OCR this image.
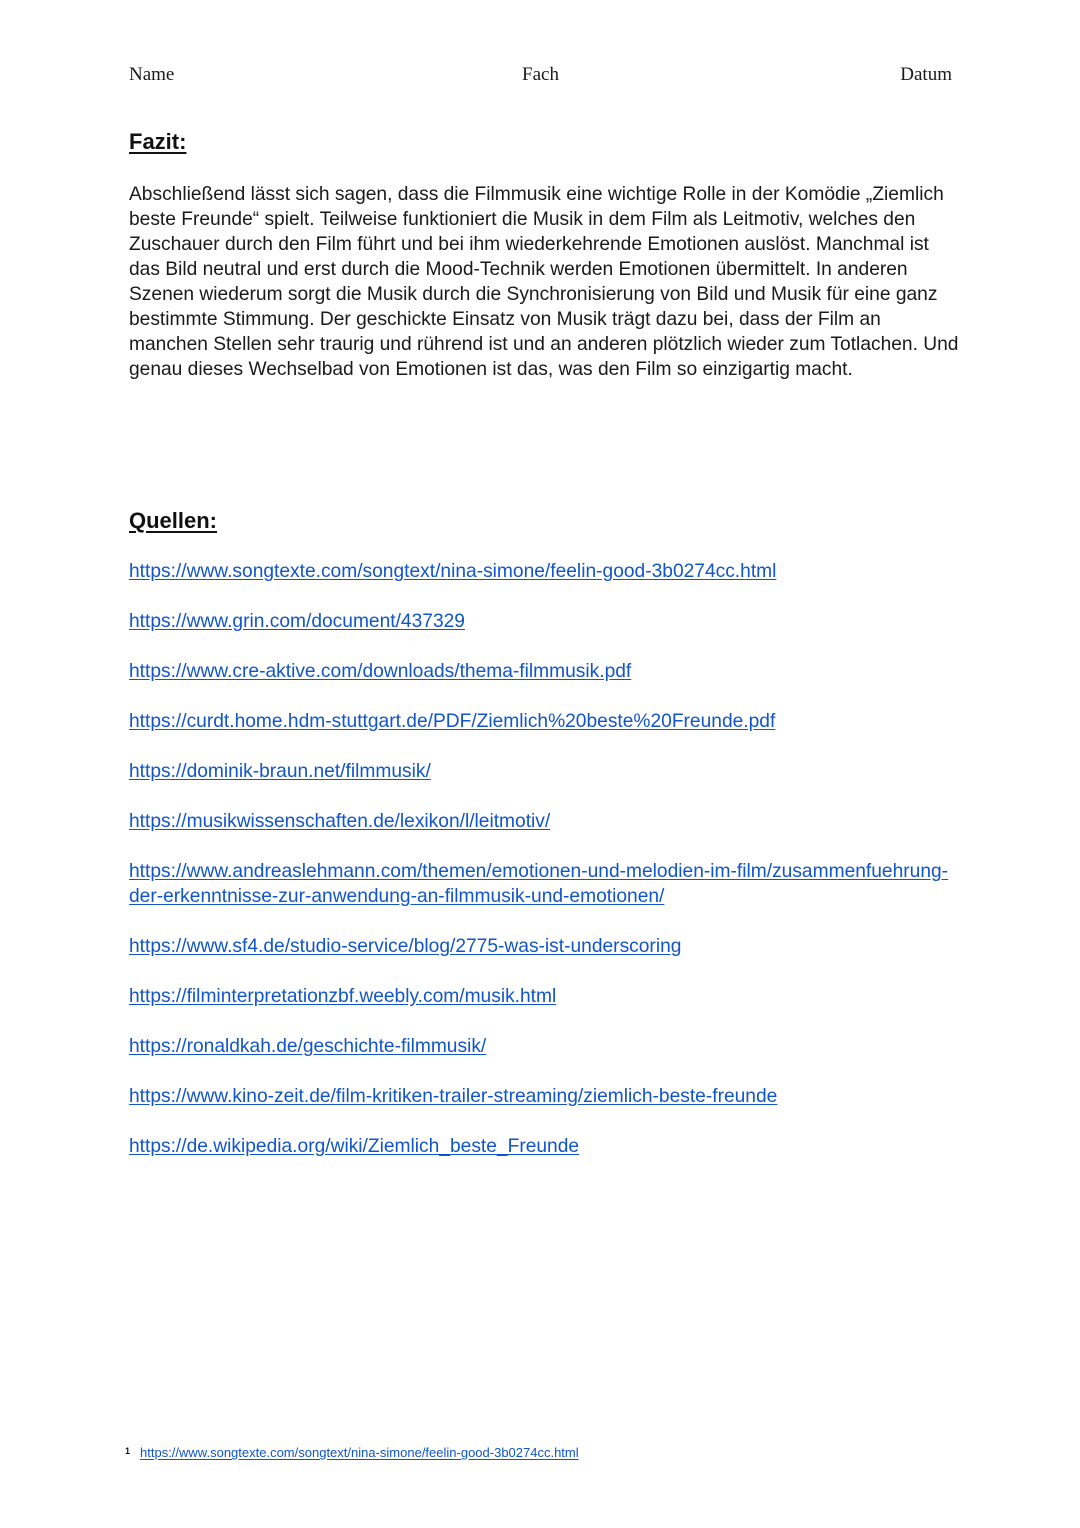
Name	Fach	Datum
Fazit:

Abschließend lässt sich sagen, dass die Filmmusik eine wichtige Rolle in der Komödie „Ziemlich beste Freunde“ spielt. Teilweise funktioniert die Musik in dem Film als Leitmotiv, welches den Zuschauer durch den Film führt und bei ihm wiederkehrende Emotionen auslöst. Manchmal ist das Bild neutral und erst durch die Mood-Technik werden Emotionen übermittelt. In anderen Szenen wiederum sorgt die Musik durch die Synchronisierung von Bild und Musik für eine ganz bestimmte Stimmung. Der geschickte Einsatz von Musik trägt dazu bei, dass der Film an manchen Stellen sehr traurig und rührend ist und an anderen plötzlich wieder zum Totlachen. Und genau dieses Wechselbad von Emotionen ist das, was den Film so einzigartig macht.

Quellen:
https://www.songtexte.com/songtext/nina-simone/feelin-good-3b0274cc.html
https://www.grin.com/document/437329
https://www.cre-aktive.com/downloads/thema-filmmusik.pdf
https://curdt.home.hdm-stuttgart.de/PDF/Ziemlich%20beste%20Freunde.pdf
https://dominik-braun.net/filmmusik/
https://musikwissenschaften.de/lexikon/l/leitmotiv/
https://www.andreaslehmann.com/themen/emotionen-und-melodien-im-film/zusammenfuehrung-der-erkenntnisse-zur-anwendung-an-filmmusik-und-emotionen/
https://www.sf4.de/studio-service/blog/2775-was-ist-underscoring
https://filminterpretationzbf.weebly.com/musik.html
https://ronaldkah.de/geschichte-filmmusik/
https://www.kino-zeit.de/film-kritiken-trailer-streaming/ziemlich-beste-freunde
https://de.wikipedia.org/wiki/Ziemlich_beste_Freunde
$^1$ https://www.songtexte.com/songtext/nina-simone/feelin-good-3b0274cc.html
